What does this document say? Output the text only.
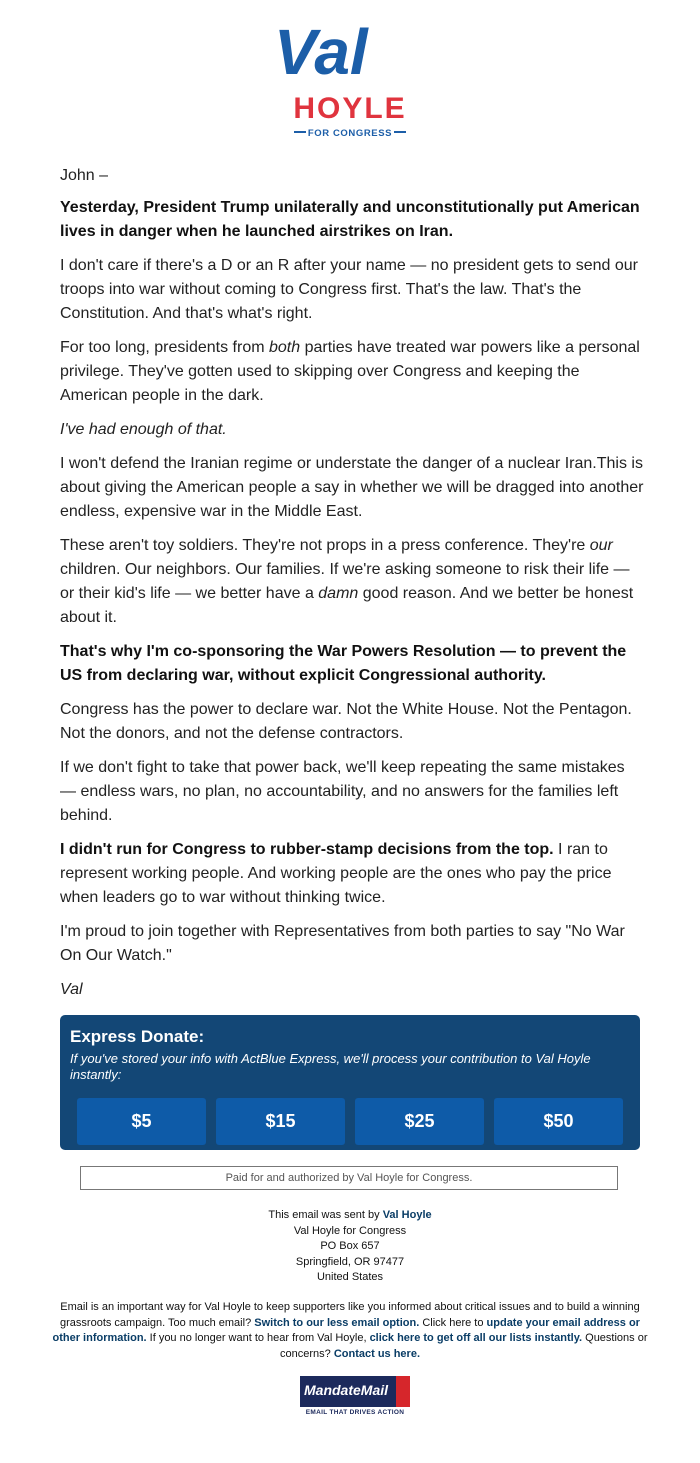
Val
HOYLE
FOR CONGRESS

John –

Yesterday, President Trump unilaterally and unconstitutionally put American lives in danger when he launched airstrikes on Iran.

I don't care if there's a D or an R after your name — no president gets to send our troops into war without coming to Congress first. That's the law. That's the Constitution. And that's what's right.

For too long, presidents from both parties have treated war powers like a personal privilege. They've gotten used to skipping over Congress and keeping the American people in the dark.

I've had enough of that.

I won't defend the Iranian regime or understate the danger of a nuclear Iran.This is about giving the American people a say in whether we will be dragged into another endless, expensive war in the Middle East.

These aren't toy soldiers. They're not props in a press conference. They're our children. Our neighbors. Our families. If we're asking someone to risk their life — or their kid's life — we better have a damn good reason. And we better be honest about it.

That's why I'm co-sponsoring the War Powers Resolution — to prevent the US from declaring war, without explicit Congressional authority.

Congress has the power to declare war. Not the White House. Not the Pentagon. Not the donors, and not the defense contractors.

If we don't fight to take that power back, we'll keep repeating the same mistakes — endless wars, no plan, no accountability, and no answers for the families left behind.

I didn't run for Congress to rubber-stamp decisions from the top. I ran to represent working people. And working people are the ones who pay the price when leaders go to war without thinking twice.

I'm proud to join together with Representatives from both parties to say "No War On Our Watch."

Val

Express Donate:
If you've stored your info with ActBlue Express, we'll process your contribution to Val Hoyle instantly:
$5	$15	$25	$50
Paid for and authorized by Val Hoyle for Congress.
This email was sent by Val Hoyle
Val Hoyle for Congress
PO Box 657
Springfield, OR 97477
United States
Email is an important way for Val Hoyle to keep supporters like you informed about critical issues and to build a winning grassroots campaign. Too much email? Switch to our less email option. Click here to update your email address or other information. If you no longer want to hear from Val Hoyle, click here to get off all our lists instantly. Questions or concerns? Contact us here.
MandateMail
EMAIL THAT DRIVES ACTION
